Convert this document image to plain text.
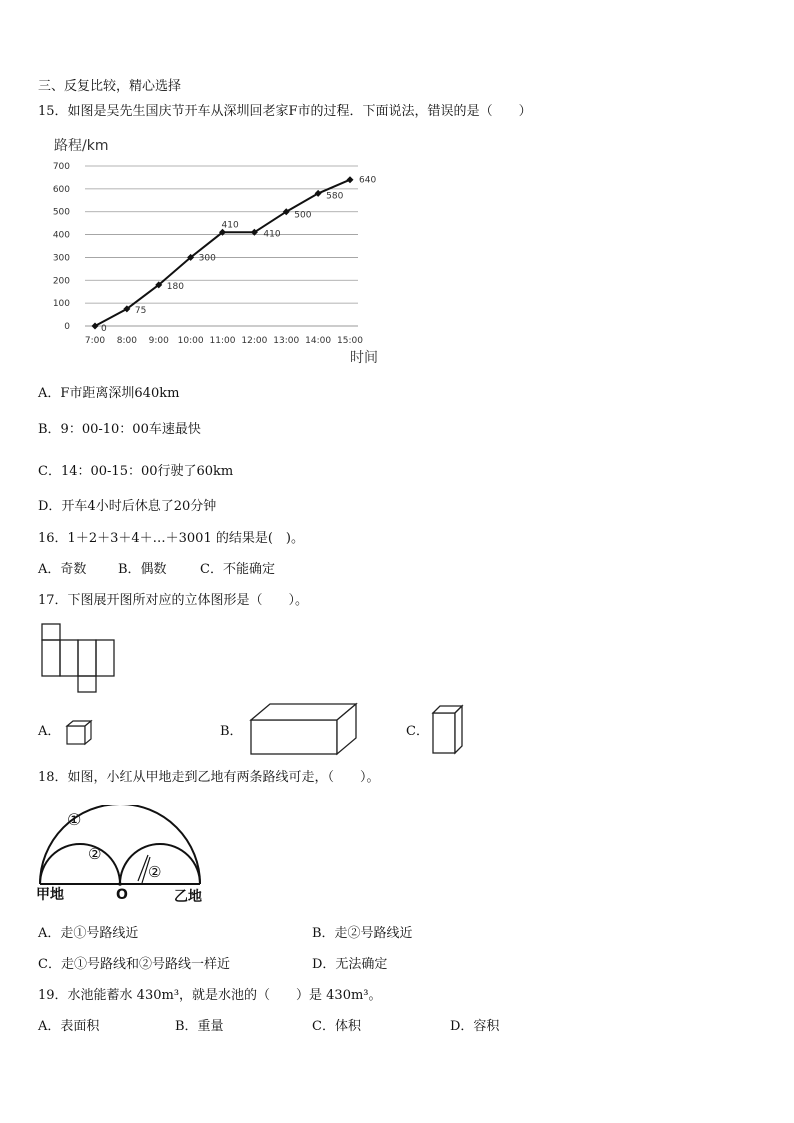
三、反复比较，精心选择
15．如图是吴先生国庆节开车从深圳回老家F市的过程．下面说法，错误的是（　　）
路程/km
时间
0
100
200
300
400
500
600
700
7:00 8:00 9:00 10:00 11:00 12:00 13:00 14:00 15:00
0
75
180
300
410
410
500
580
640
A．F市距离深圳640km
B．9：00-10：00车速最快
C．14：00-15：00行驶了60km
D．开车4小时后休息了20分钟
16．1＋2＋3＋4＋…＋3001 的结果是(　)。
A．奇数 B．偶数	C．不能确定
17．下图展开图所对应的立体图形是（　　）。
A．	B．	C．
18．如图，小红从甲地走到乙地有两条路线可走，（　　）。
①
②
②
甲地	O	乙地
A．走①号路线近	B．走②号路线近
C．走①号路线和②号路线一样近	D．无法确定
19．水池能蓄水 430m³，就是水池的（　　）是 430m³。
A．表面积	B．重量	C．体积	D．容积
